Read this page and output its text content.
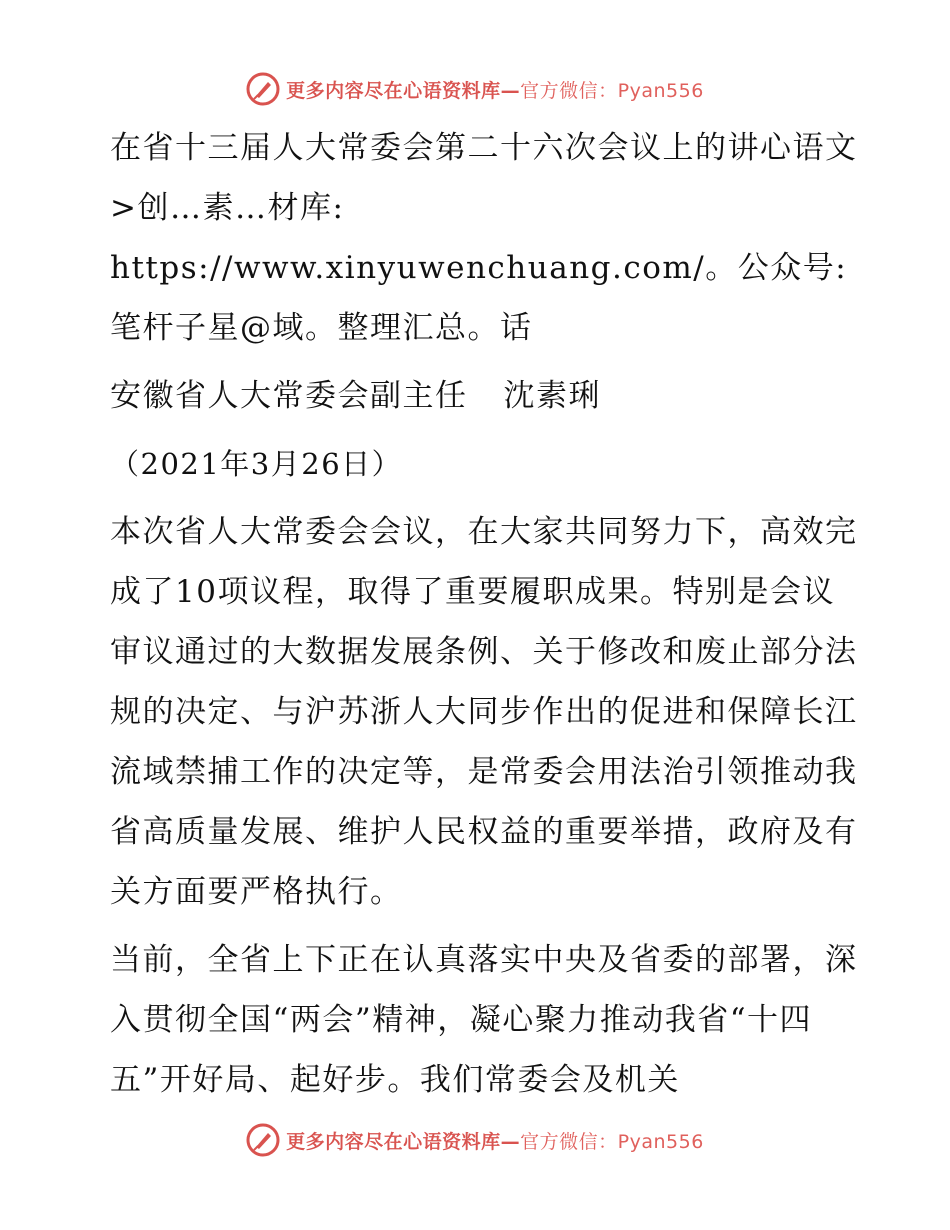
更多内容尽在心语资料库—官方微信：Pyan556

在省十三届人大常委会第二十六次会议上的讲心语文>创…素…材库: https://www.xinyuwenchuang.com/。公众号: 笔杆子星@域。整理汇总。话

安徽省人大常委会副主任 沈素琍

（2021年3月26日）

本次省人大常委会会议，在大家共同努力下，高效完成了10项议程，取得了重要履职成果。特别是会议审议通过的大数据发展条例、关于修改和废止部分法规的决定、与沪苏浙人大同步作出的促进和保障长江流域禁捕工作的决定等，是常委会用法治引领推动我省高质量发展、维护人民权益的重要举措，政府及有关方面要严格执行。

当前，全省上下正在认真落实中央及省委的部署，深入贯彻全国“两会”精神，凝心聚力推动我省“十四五”开好局、起好步。我们常委会及机关

更多内容尽在心语资料库—官方微信：Pyan556
